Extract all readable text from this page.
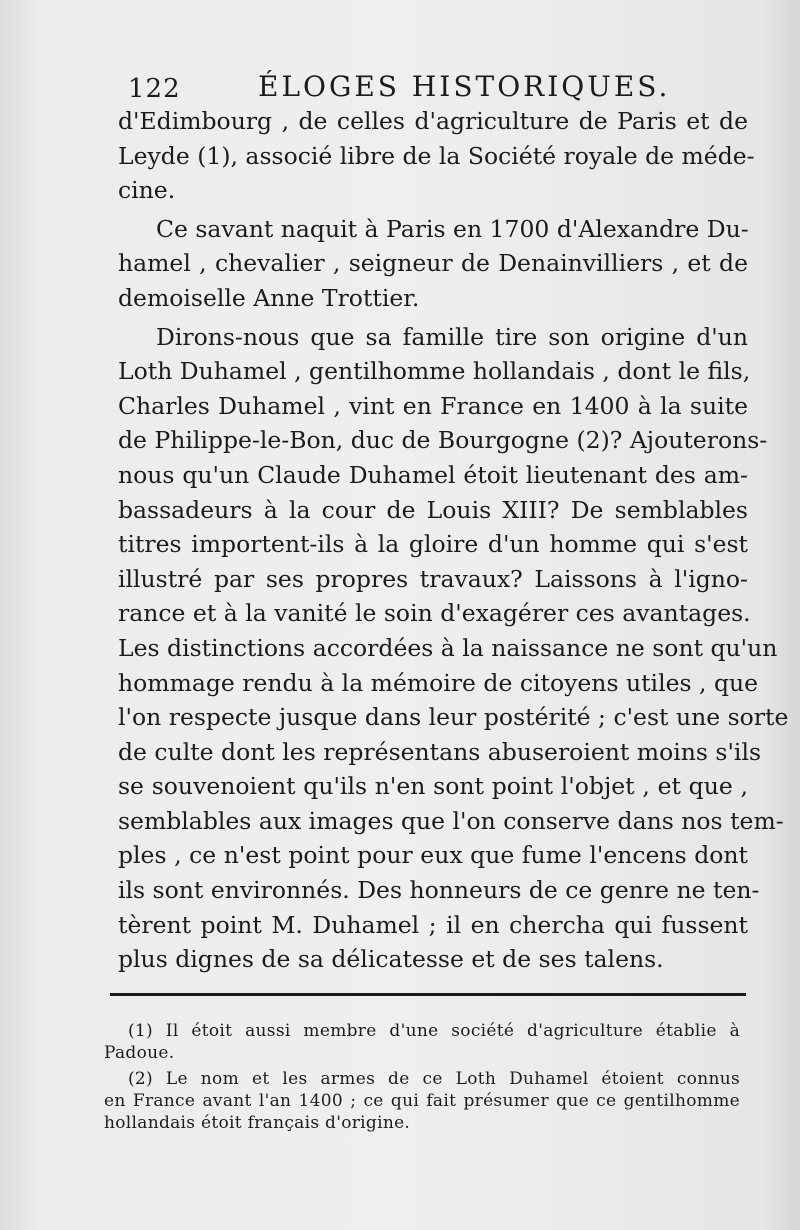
122	ÉLOGES HISTORIQUES.

d'Edimbourg , de celles d'agriculture de Paris et de
Leyde (1), associé libre de la Société royale de méde-
cine.

Ce savant naquit à Paris en 1700 d'Alexandre Du-
hamel , chevalier , seigneur de Denainvilliers , et de
demoiselle Anne Trottier.

Dirons-nous que sa famille tire son origine d'un
Loth Duhamel , gentilhomme hollandais , dont le fils,
Charles Duhamel , vint en France en 1400 à la suite
de Philippe-le-Bon, duc de Bourgogne (2)? Ajouterons-
nous qu'un Claude Duhamel étoit lieutenant des am-
bassadeurs à la cour de Louis XIII? De semblables
titres importent-ils à la gloire d'un homme qui s'est
illustré par ses propres travaux? Laissons à l'igno-
rance et à la vanité le soin d'exagérer ces avantages.
Les distinctions accordées à la naissance ne sont qu'un
hommage rendu à la mémoire de citoyens utiles , que
l'on respecte jusque dans leur postérité ; c'est une sorte
de culte dont les représentans abuseroient moins s'ils
se souvenoient qu'ils n'en sont point l'objet , et que ,
semblables aux images que l'on conserve dans nos tem-
ples , ce n'est point pour eux que fume l'encens dont
ils sont environnés. Des honneurs de ce genre ne ten-
tèrent point M. Duhamel ; il en chercha qui fussent
plus dignes de sa délicatesse et de ses talens.

(1) Il étoit aussi membre d'une société d'agriculture établie à
Padoue.

(2) Le nom et les armes de ce Loth Duhamel étoient connus
en France avant l'an 1400 ; ce qui fait présumer que ce gentilhomme
hollandais étoit français d'origine.
